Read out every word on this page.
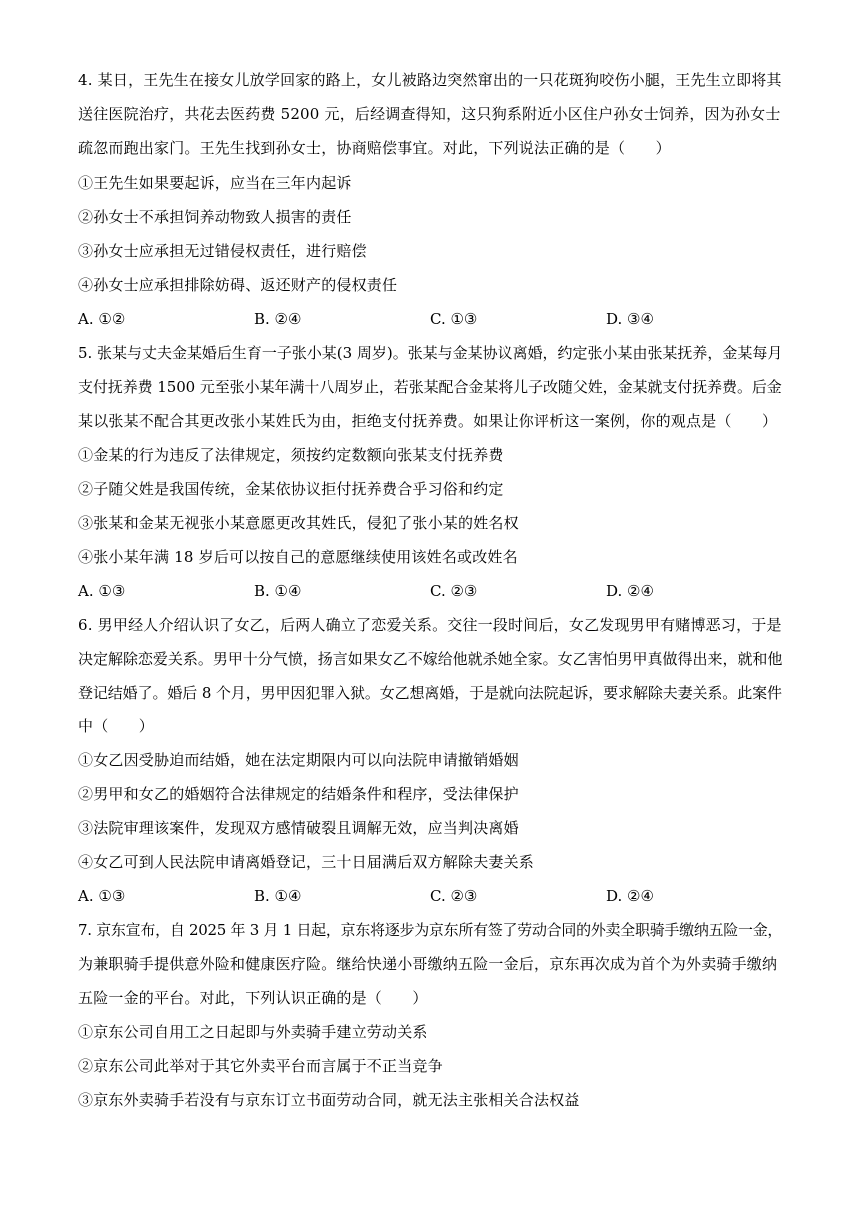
4. 某日，王先生在接女儿放学回家的路上，女儿被路边突然窜出的一只花斑狗咬伤小腿，王先生立即将其
送往医院治疗，共花去医药费 5200 元，后经调查得知，这只狗系附近小区住户孙女士饲养，因为孙女士
疏忽而跑出家门。王先生找到孙女士，协商赔偿事宜。对此，下列说法正确的是（　　）
①王先生如果要起诉，应当在三年内起诉
②孙女士不承担饲养动物致人损害的责任
③孙女士应承担无过错侵权责任，进行赔偿
④孙女士应承担排除妨碍、返还财产的侵权责任
A. ①②	B. ②④	C. ①③	D. ③④
5. 张某与丈夫金某婚后生育一子张小某(3 周岁)。张某与金某协议离婚，约定张小某由张某抚养，金某每月
支付抚养费 1500 元至张小某年满十八周岁止，若张某配合金某将儿子改随父姓，金某就支付抚养费。后金
某以张某不配合其更改张小某姓氏为由，拒绝支付抚养费。如果让你评析这一案例，你的观点是（　　）
①金某的行为违反了法律规定，须按约定数额向张某支付抚养费
②子随父姓是我国传统，金某依协议拒付抚养费合乎习俗和约定
③张某和金某无视张小某意愿更改其姓氏，侵犯了张小某的姓名权
④张小某年满 18 岁后可以按自己的意愿继续使用该姓名或改姓名
A. ①③	B. ①④	C. ②③	D. ②④
6. 男甲经人介绍认识了女乙，后两人确立了恋爱关系。交往一段时间后，女乙发现男甲有赌博恶习，于是
决定解除恋爱关系。男甲十分气愤，扬言如果女乙不嫁给他就杀她全家。女乙害怕男甲真做得出来，就和他
登记结婚了。婚后 8 个月，男甲因犯罪入狱。女乙想离婚，于是就向法院起诉，要求解除夫妻关系。此案件
中（　　）
①女乙因受胁迫而结婚，她在法定期限内可以向法院申请撤销婚姻
②男甲和女乙的婚姻符合法律规定的结婚条件和程序，受法律保护
③法院审理该案件，发现双方感情破裂且调解无效，应当判决离婚
④女乙可到人民法院申请离婚登记，三十日届满后双方解除夫妻关系
A. ①③	B. ①④	C. ②③	D. ②④
7. 京东宣布，自 2025 年 3 月 1 日起，京东将逐步为京东所有签了劳动合同的外卖全职骑手缴纳五险一金，
为兼职骑手提供意外险和健康医疗险。继给快递小哥缴纳五险一金后，京东再次成为首个为外卖骑手缴纳
五险一金的平台。对此，下列认识正确的是（　　）
①京东公司自用工之日起即与外卖骑手建立劳动关系
②京东公司此举对于其它外卖平台而言属于不正当竞争
③京东外卖骑手若没有与京东订立书面劳动合同，就无法主张相关合法权益
